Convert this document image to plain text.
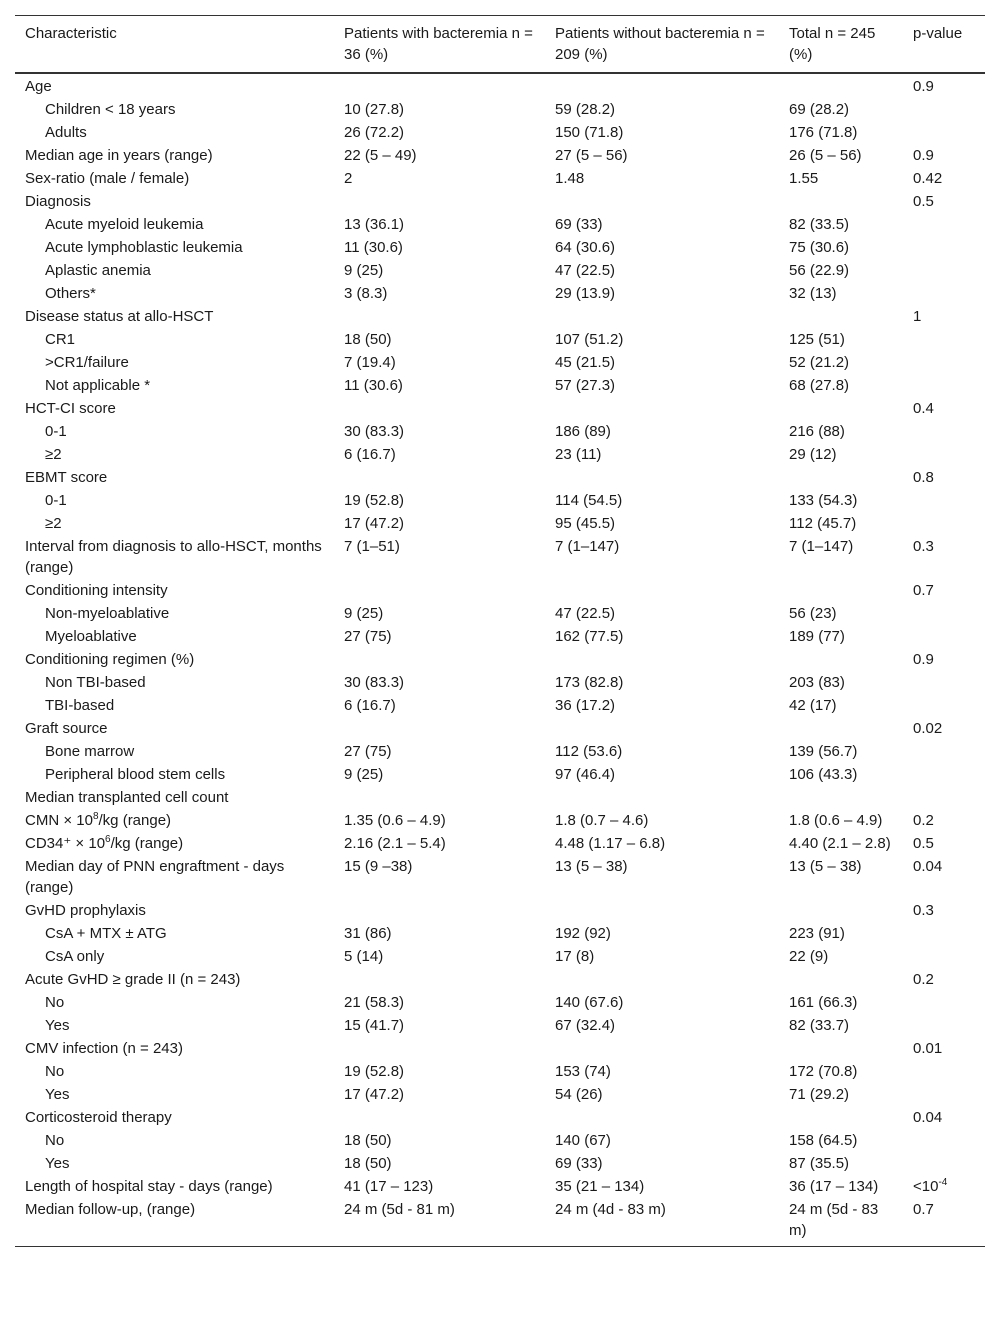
Characteristic	Patients with bacteremia n = 36 (%)	Patients without bacteremia n = 209 (%)	Total n = 245 (%)	p-value
Age				0.9
Children < 18 years	10 (27.8)	59 (28.2)	69 (28.2)	
Adults	26 (72.2)	150 (71.8)	176 (71.8)	
Median age in years (range)	22 (5 – 49)	27 (5 – 56)	26 (5 – 56)	0.9
Sex-ratio (male / female)	2	1.48	1.55	0.42
Diagnosis				0.5
Acute myeloid leukemia	13 (36.1)	69 (33)	82 (33.5)	
Acute lymphoblastic leukemia	11 (30.6)	64 (30.6)	75 (30.6)	
Aplastic anemia	9 (25)	47 (22.5)	56 (22.9)	
Others*	3 (8.3)	29 (13.9)	32 (13)	
Disease status at allo-HSCT				1
CR1	18 (50)	107 (51.2)	125 (51)	
>CR1/failure	7 (19.4)	45 (21.5)	52 (21.2)	
Not applicable *	11 (30.6)	57 (27.3)	68 (27.8)	
HCT-CI score				0.4
0-1	30 (83.3)	186 (89)	216 (88)	
≥2	6 (16.7)	23 (11)	29 (12)	
EBMT score				0.8
0-1	19 (52.8)	114 (54.5)	133 (54.3)	
≥2	17 (47.2)	95 (45.5)	112 (45.7)	
Interval from diagnosis to allo-HSCT, months (range)	7 (1–51)	7 (1–147)	7 (1–147)	0.3
Conditioning intensity				0.7
Non-myeloablative	9 (25)	47 (22.5)	56 (23)	
Myeloablative	27 (75)	162 (77.5)	189 (77)	
Conditioning regimen (%)				0.9
Non TBI-based	30 (83.3)	173 (82.8)	203 (83)	
TBI-based	6 (16.7)	36 (17.2)	42 (17)	
Graft source				0.02
Bone marrow	27 (75)	112 (53.6)	139 (56.7)	
Peripheral blood stem cells	9 (25)	97 (46.4)	106 (43.3)	
Median transplanted cell count				
CMN × $10^8/kg$ (range)	1.35 (0.6 – 4.9)	1.8 (0.7 – 4.6)	1.8 (0.6 – 4.9)	0.2
$CD34^+ \times 10^6/kg$ (range)	2.16 (2.1 – 5.4)	4.48 (1.17 – 6.8)	4.40 (2.1 – 2.8)	0.5
Median day of PNN engraftment - days (range)	15 (9 –38)	13 (5 – 38)	13 (5 – 38)	0.04
GvHD prophylaxis				0.3
CsA + MTX ± ATG	31 (86)	192 (92)	223 (91)	
CsA only	5 (14)	17 (8)	22 (9)	
Acute GvHD ≥ grade II (n = 243)				0.2
No	21 (58.3)	140 (67.6)	161 (66.3)	
Yes	15 (41.7)	67 (32.4)	82 (33.7)	
CMV infection (n = 243)				0.01
No	19 (52.8)	153 (74)	172 (70.8)	
Yes	17 (47.2)	54 (26)	71 (29.2)	
Corticosteroid therapy				0.04
No	18 (50)	140 (67)	158 (64.5)	
Yes	18 (50)	69 (33)	87 (35.5)	
Length of hospital stay - days (range)	41 (17 – 123)	35 (21 – 134)	36 (17 – 134)	$<10^{-4}$
Median follow-up, (range)	24 m (5d - 81 m)	24 m (4d - 83 m)	24 m (5d - 83 m)	0.7
